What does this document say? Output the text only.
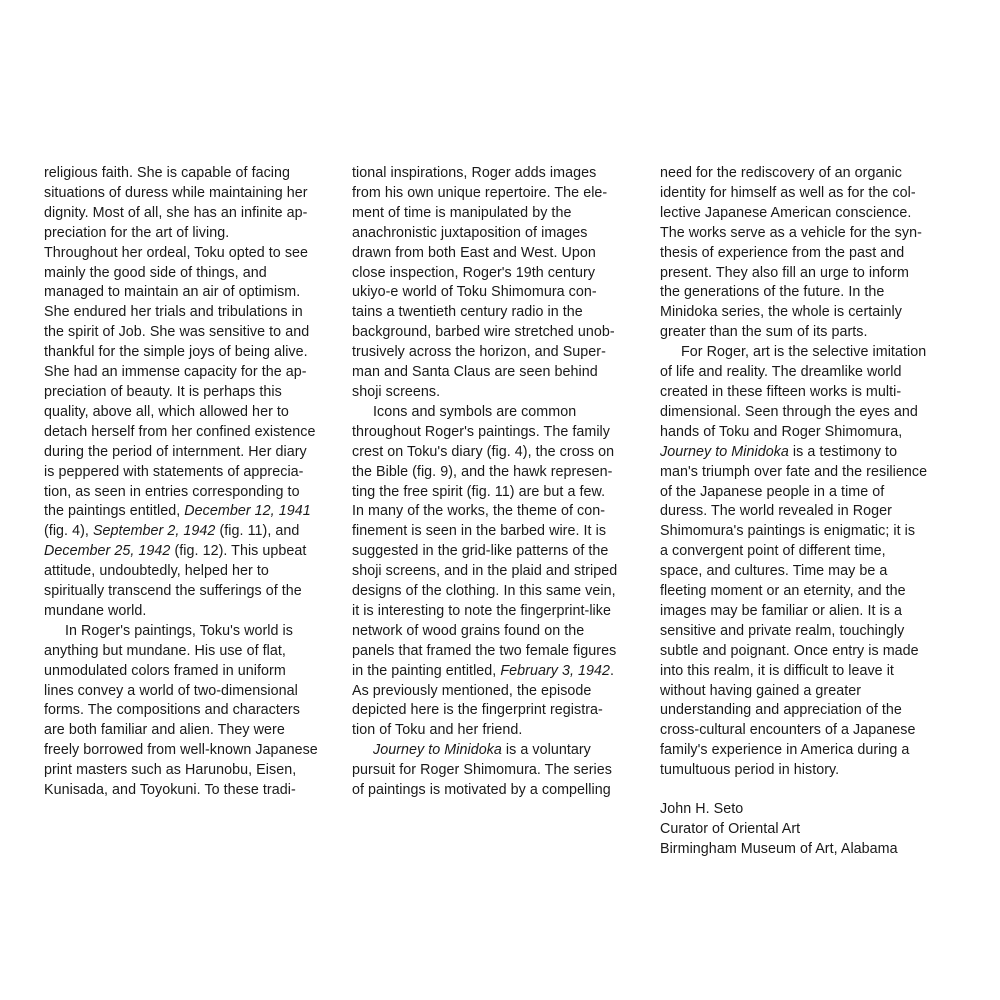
religious faith. She is capable of facing
situations of duress while maintaining her
dignity. Most of all, she has an infinite ap-
preciation for the art of living.
Throughout her ordeal, Toku opted to see
mainly the good side of things, and
managed to maintain an air of optimism.
She endured her trials and tribulations in
the spirit of Job. She was sensitive to and
thankful for the simple joys of being alive.
She had an immense capacity for the ap-
preciation of beauty. It is perhaps this
quality, above all, which allowed her to
detach herself from her confined existence
during the period of internment. Her diary
is peppered with statements of apprecia-
tion, as seen in entries corresponding to
the paintings entitled, December 12, 1941
(fig. 4), September 2, 1942 (fig. 11), and
December 25, 1942 (fig. 12). This upbeat
attitude, undoubtedly, helped her to
spiritually transcend the sufferings of the
mundane world.
In Roger's paintings, Toku's world is
anything but mundane. His use of flat,
unmodulated colors framed in uniform
lines convey a world of two-dimensional
forms. The compositions and characters
are both familiar and alien. They were
freely borrowed from well-known Japanese
print masters such as Harunobu, Eisen,
Kunisada, and Toyokuni. To these tradi-
tional inspirations, Roger adds images
from his own unique repertoire. The ele-
ment of time is manipulated by the
anachronistic juxtaposition of images
drawn from both East and West. Upon
close inspection, Roger's 19th century
ukiyo-e world of Toku Shimomura con-
tains a twentieth century radio in the
background, barbed wire stretched unob-
trusively across the horizon, and Super-
man and Santa Claus are seen behind
shoji screens.
Icons and symbols are common
throughout Roger's paintings. The family
crest on Toku's diary (fig. 4), the cross on
the Bible (fig. 9), and the hawk represen-
ting the free spirit (fig. 11) are but a few.
In many of the works, the theme of con-
finement is seen in the barbed wire. It is
suggested in the grid-like patterns of the
shoji screens, and in the plaid and striped
designs of the clothing. In this same vein,
it is interesting to note the fingerprint-like
network of wood grains found on the
panels that framed the two female figures
in the painting entitled, February 3, 1942.
As previously mentioned, the episode
depicted here is the fingerprint registra-
tion of Toku and her friend.
Journey to Minidoka is a voluntary
pursuit for Roger Shimomura. The series
of paintings is motivated by a compelling
need for the rediscovery of an organic
identity for himself as well as for the col-
lective Japanese American conscience.
The works serve as a vehicle for the syn-
thesis of experience from the past and
present. They also fill an urge to inform
the generations of the future. In the
Minidoka series, the whole is certainly
greater than the sum of its parts.
For Roger, art is the selective imitation
of life and reality. The dreamlike world
created in these fifteen works is multi-
dimensional. Seen through the eyes and
hands of Toku and Roger Shimomura,
Journey to Minidoka is a testimony to
man's triumph over fate and the resilience
of the Japanese people in a time of
duress. The world revealed in Roger
Shimomura's paintings is enigmatic; it is
a convergent point of different time,
space, and cultures. Time may be a
fleeting moment or an eternity, and the
images may be familiar or alien. It is a
sensitive and private realm, touchingly
subtle and poignant. Once entry is made
into this realm, it is difficult to leave it
without having gained a greater
understanding and appreciation of the
cross-cultural encounters of a Japanese
family's experience in America during a
tumultuous period in history.
John H. Seto
Curator of Oriental Art
Birmingham Museum of Art, Alabama
